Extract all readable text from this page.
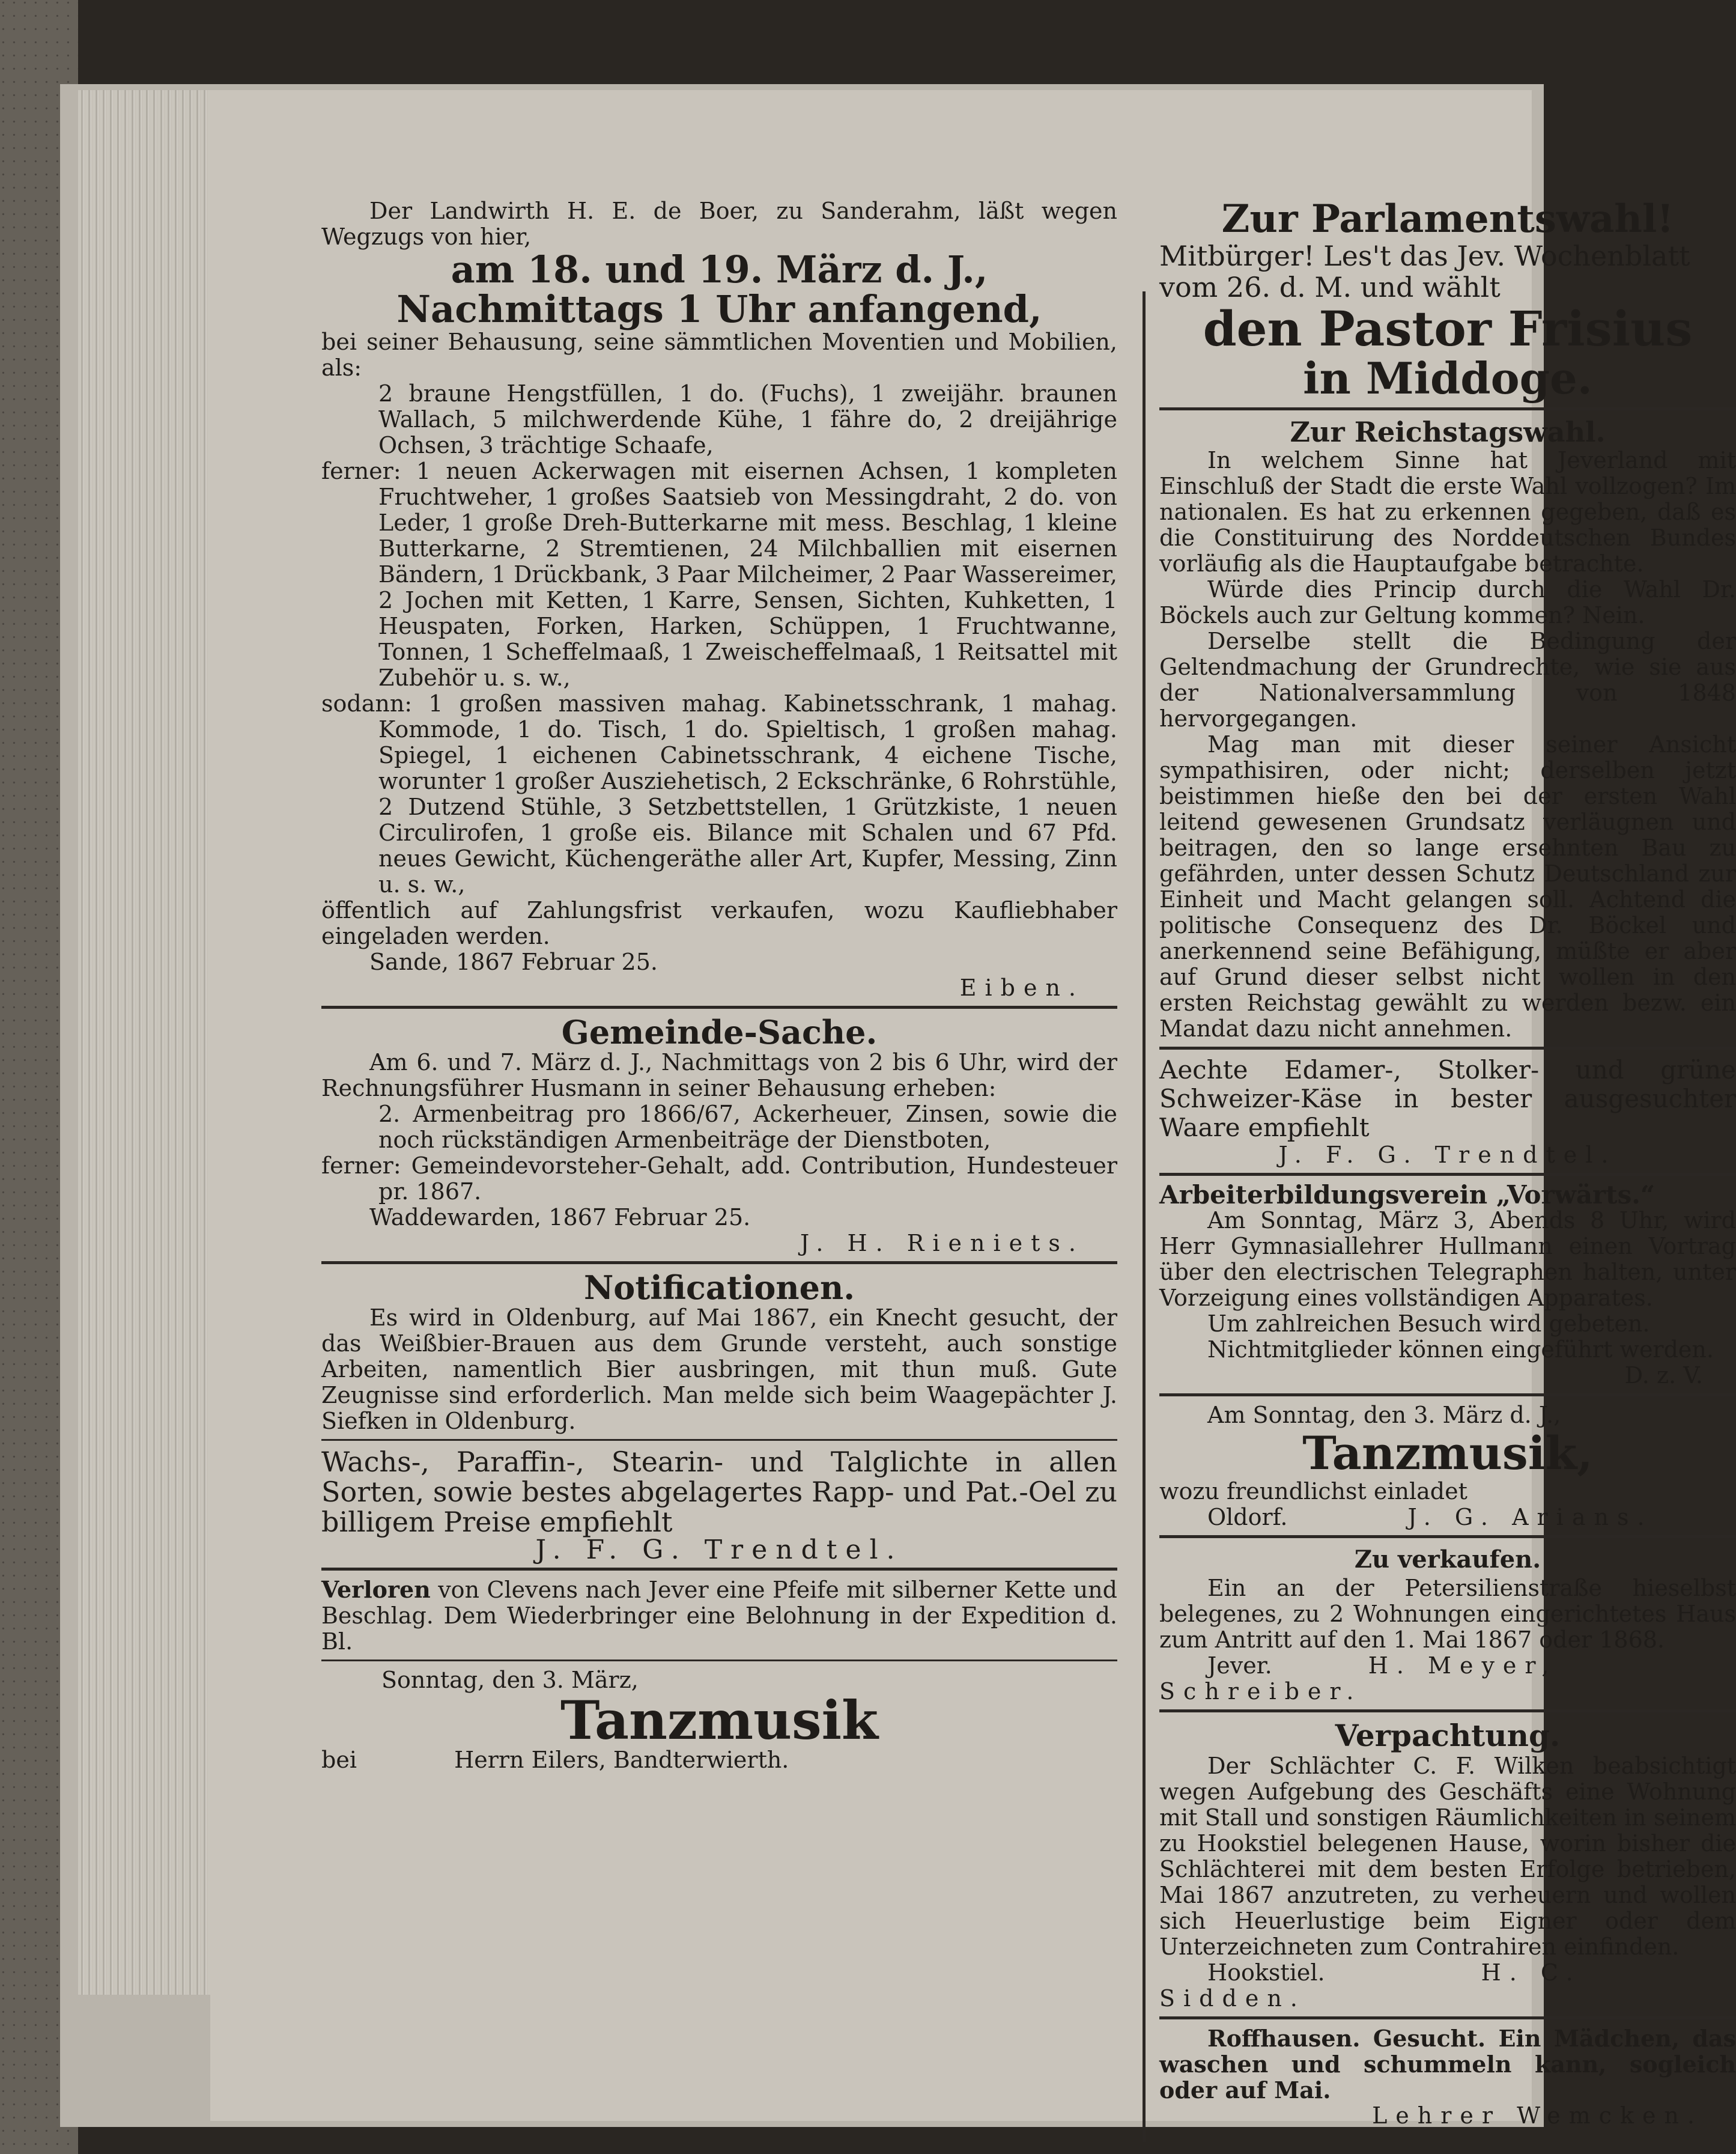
Der Landwirth H. E. de Boer, zu Sanderahm, läßt wegen Wegzugs von hier,

am 18. und 19. März d. J.,

Nachmittags 1 Uhr anfangend,

bei seiner Behausung, seine sämmtlichen Moventien und Mobilien, als:

2 braune Hengstfüllen, 1 do. (Fuchs), 1 zweijähr. braunen Wallach, 5 milchwerdende Kühe, 1 fähre do, 2 dreijährige Ochsen, 3 trächtige Schaafe,

ferner: 1 neuen Ackerwagen mit eisernen Achsen, 1 kompleten Fruchtweher, 1 großes Saatsieb von Messingdraht, 2 do. von Leder, 1 große Dreh-Butterkarne mit mess. Beschlag, 1 kleine Butterkarne, 2 Stremtienen, 24 Milchballien mit eisernen Bändern, 1 Drückbank, 3 Paar Milcheimer, 2 Paar Wassereimer, 2 Jochen mit Ketten, 1 Karre, Sensen, Sichten, Kuhketten, 1 Heuspaten, Forken, Harken, Schüppen, 1 Fruchtwanne, Tonnen, 1 Scheffelmaaß, 1 Zweischeffelmaaß, 1 Reitsattel mit Zubehör u. s. w.,

sodann: 1 großen massiven mahag. Kabinetsschrank, 1 mahag. Kommode, 1 do. Tisch, 1 do. Spieltisch, 1 großen mahag. Spiegel, 1 eichenen Cabinetsschrank, 4 eichene Tische, worunter 1 großer Ausziehetisch, 2 Eckschränke, 6 Rohrstühle, 2 Dutzend Stühle, 3 Setzbettstellen, 1 Grützkiste, 1 neuen Circulirofen, 1 große eis. Bilance mit Schalen und 67 Pfd. neues Gewicht, Küchengeräthe aller Art, Kupfer, Messing, Zinn u. s. w.,

öffentlich auf Zahlungsfrist verkaufen, wozu Kaufliebhaber eingeladen werden.

Sande, 1867 Februar 25.

Eiben.

Gemeinde-Sache.

Am 6. und 7. März d. J., Nachmittags von 2 bis 6 Uhr, wird der Rechnungsführer Husmann in seiner Behausung erheben:

2. Armenbeitrag pro 1866/67, Ackerheuer, Zinsen, sowie die noch rückständigen Armenbeiträge der Dienstboten,

ferner: Gemeindevorsteher-Gehalt, add. Contribution, Hundesteuer pr. 1867.

Waddewarden, 1867 Februar 25.

J. H. Rieniets.

Notificationen.

Es wird in Oldenburg, auf Mai 1867, ein Knecht gesucht, der das Weißbier-Brauen aus dem Grunde versteht, auch sonstige Arbeiten, namentlich Bier ausbringen, mit thun muß. Gute Zeugnisse sind erforderlich. Man melde sich beim Waagepächter J. Siefken in Oldenburg.

Wachs-, Paraffin-, Stearin- und Talglichte in allen Sorten, sowie bestes abgelagertes Rapp- und Pat.-Oel zu billigem Preise empfiehlt

J. F. G. Trendtel.

Verloren von Clevens nach Jever eine Pfeife mit silberner Kette und Beschlag. Dem Wiederbringer eine Belohnung in der Expedition d. Bl.

Sonntag, den 3. März,

Tanzmusik

bei	Herrn Eilers, Bandterwierth.

Zur Parlamentswahl!

Mitbürger! Les't das Jev. Wochenblatt

vom 26. d. M. und wählt

den Pastor Frisius

in Middoge.

Zur Reichstagswahl.

In welchem Sinne hat Jeverland mit Einschluß der Stadt die erste Wahl vollzogen? Im nationalen. Es hat zu erkennen gegeben, daß es die Constituirung des Norddeutschen Bundes vorläufig als die Hauptaufgabe betrachte.

Würde dies Princip durch die Wahl Dr. Böckels auch zur Geltung kommen? Nein.

Derselbe stellt die Bedingung der Geltendmachung der Grundrechte, wie sie aus der Nationalversammlung von 1848 hervorgegangen.

Mag man mit dieser seiner Ansicht sympathisiren, oder nicht; derselben jetzt beistimmen hieße den bei der ersten Wahl leitend gewesenen Grundsatz verläugnen und beitragen, den so lange ersehnten Bau zu gefährden, unter dessen Schutz Deutschland zur Einheit und Macht gelangen soll. Achtend die politische Consequenz des Dr. Böckel und anerkennend seine Befähigung, müßte er aber auf Grund dieser selbst nicht wollen in den ersten Reichstag gewählt zu werden bezw. ein Mandat dazu nicht annehmen.

Aechte Edamer-, Stolker- und grüne Schweizer-Käse in bester ausgesuchter Waare empfiehlt

J. F. G. Trendtel.

Arbeiterbildungsverein „Vorwärts.“

Am Sonntag, März 3, Abends 8 Uhr, wird Herr Gymnasiallehrer Hullmann einen Vortrag über den electrischen Telegraphen halten, unter Vorzeigung eines vollständigen Apparates.

Um zahlreichen Besuch wird gebeten.

Nichtmitglieder können eingeführt werden.

D. z. V.

Am Sonntag, den 3. März d. J.,

Tanzmusik,

wozu freundlichst einladet

Oldorf.	J. G. Arians.

Zu verkaufen.

Ein an der Petersilienstraße hieselbst belegenes, zu 2 Wohnungen eingerichtetes Haus zum Antritt auf den 1. Mai 1867 oder 1868.

Jever.	H. Meyer, Schreiber.

Verpachtung.

Der Schlächter C. F. Wilken beabsichtigt wegen Aufgebung des Geschäfts eine Wohnung mit Stall und sonstigen Räumlichkeiten in seinem zu Hookstiel belegenen Hause, worin bisher die Schlächterei mit dem besten Erfolge betrieben, Mai 1867 anzutreten, zu verheuern und wollen sich Heuerlustige beim Eigner oder dem Unterzeichneten zum Contrahiren einfinden.

Hookstiel.	H. C. Sidden.

Roffhausen. Gesucht. Ein Mädchen, das waschen und schummeln kann, sogleich oder auf Mai.

Lehrer Wemcken.
